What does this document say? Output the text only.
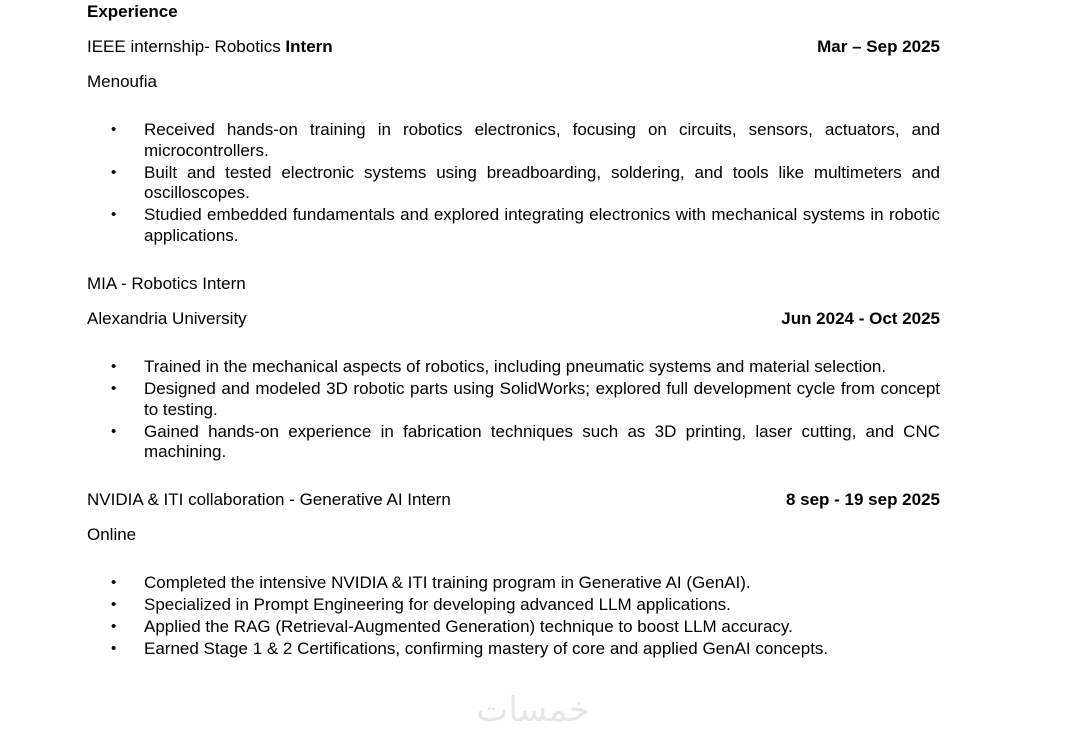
Experience
IEEE internship- Robotics Intern	Mar – Sep 2025
Menoufia
• Received hands-on training in robotics electronics, focusing on circuits, sensors, actuators, and microcontrollers.
• Built and tested electronic systems using breadboarding, soldering, and tools like multimeters and oscilloscopes.
• Studied embedded fundamentals and explored integrating electronics with mechanical systems in robotic applications.
MIA - Robotics Intern
Alexandria University	Jun 2024 - Oct 2025
• Trained in the mechanical aspects of robotics, including pneumatic systems and material selection.
• Designed and modeled 3D robotic parts using SolidWorks; explored full development cycle from concept to testing.
• Gained hands-on experience in fabrication techniques such as 3D printing, laser cutting, and CNC machining.
NVIDIA & ITI collaboration - Generative AI Intern	8 sep - 19 sep 2025
Online
• Completed the intensive NVIDIA & ITI training program in Generative AI (GenAI).
• Specialized in Prompt Engineering for developing advanced LLM applications.
• Applied the RAG (Retrieval-Augmented Generation) technique to boost LLM accuracy.
• Earned Stage 1 & 2 Certifications, confirming mastery of core and applied GenAI concepts.
خمسات
